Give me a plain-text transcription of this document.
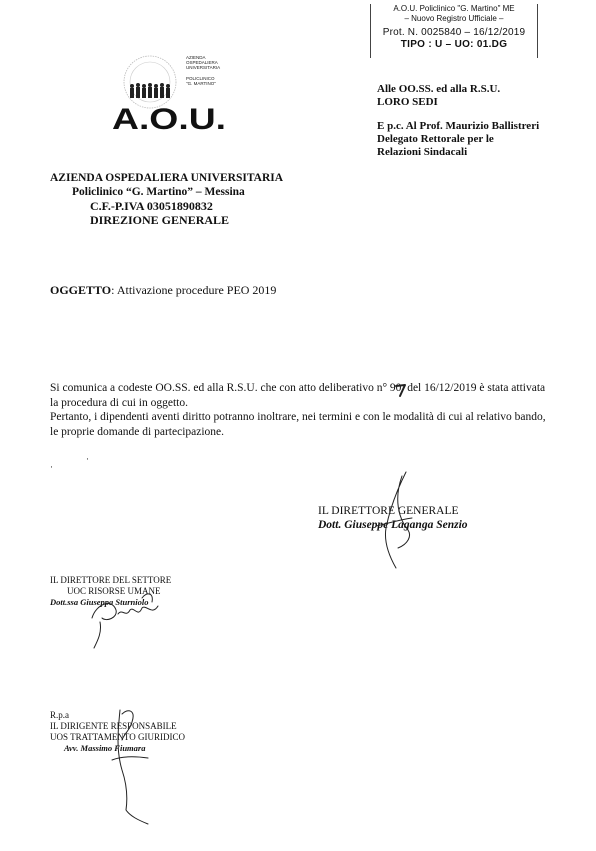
A.O.U. Policlinico "G. Martino" ME
– Nuovo Registro Ufficiale –
Prot. N. 0025840 – 16/12/2019
TIPO : U – UO: 01.DG
A.O.U.
AZIENDA
OSPEDALIERA
UNIVERSITARIA
POLICLINICO
"G. MARTINO"	Alle OO.SS. ed alla R.S.U.
LORO SEDI
E p.c. Al Prof. Maurizio Ballistreri
Delegato Rettorale per le
Relazioni Sindacali
AZIENDA OSPEDALIERA UNIVERSITARIA
Policlinico “G. Martino” – Messina
C.F.-P.IVA 03051890832
DIREZIONE GENERALE
OGGETTO: Attivazione procedure PEO 2019

Si comunica a codeste OO.SS. ed alla R.S.U. che con atto deliberativo n° 90  del 16/12/2019 è stata attivata la procedura di cui in oggetto.

Pertanto, i dipendenti aventi diritto potranno inoltrare, nei termini e con le modalità di cui al relativo bando, le proprie domande di partecipazione.

·
·
IL DIRETTORE GENERALE
Dott. Giuseppe Laganga Senzio
IL DIRETTORE DEL SETTORE
UOC RISORSE UMANE
Dott.ssa Giuseppa Sturniolo
R.p.a
IL DIRIGENTE RESPONSABILE
UOS TRATTAMENTO GIURIDICO
Avv. Massimo Fiumara
